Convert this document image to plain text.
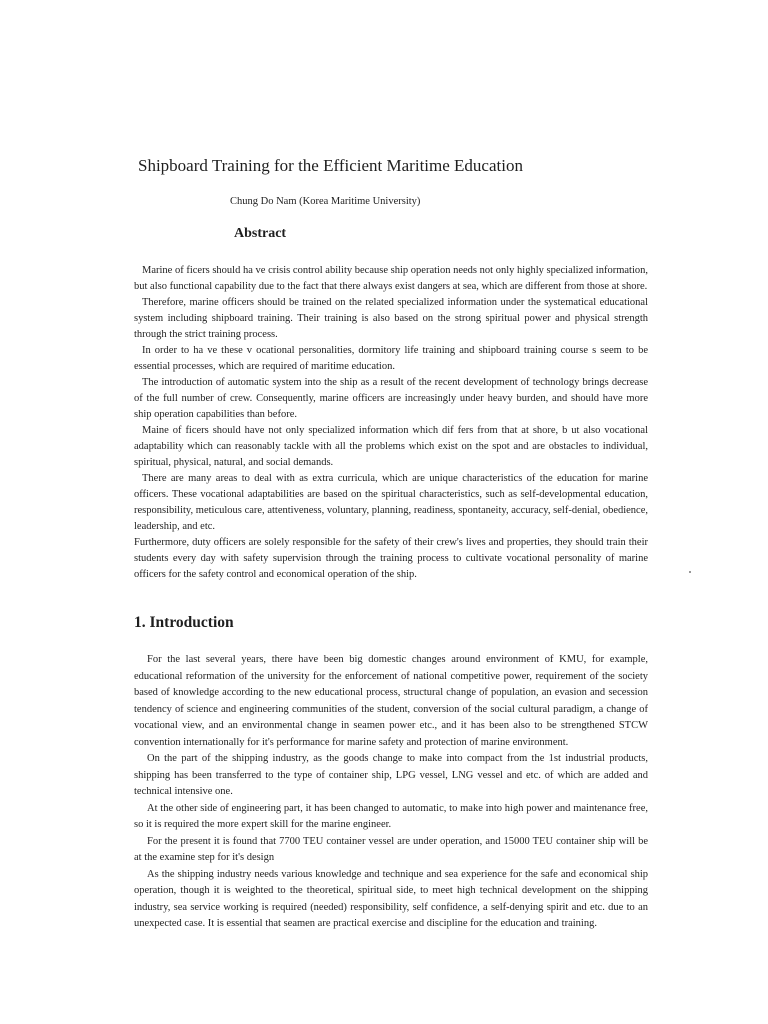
Shipboard Training for the Efficient Maritime Education
Chung Do Nam (Korea Maritime University)
Abstract

Marine of ficers should ha ve crisis control ability because ship operation needs not only highly specialized information, but also functional capability due to the fact that there always exist dangers at sea, which are different from those at shore.

Therefore, marine officers should be trained on the related specialized information under the systematical educational system including shipboard training. Their training is also based on the strong spiritual power and physical strength through the strict training process.

In order to ha ve these v ocational personalities, dormitory life training and shipboard training course s seem to be essential processes, which are required of maritime education.

The introduction of automatic system into the ship as a result of the recent development of technology brings decrease of the full number of crew. Consequently, marine officers are increasingly under heavy burden, and should have more ship operation capabilities than before.

Maine of ficers should have not only specialized information which dif fers from that at shore, b ut also vocational adaptability which can reasonably tackle with all the problems which exist on the spot and are obstacles to individual, spiritual, physical, natural, and social demands.

There are many areas to deal with as extra curricula, which are unique characteristics of the education for marine officers. These vocational adaptabilities are based on the spiritual characteristics, such as self-developmental education, responsibility, meticulous care, attentiveness, voluntary, planning, readiness, spontaneity, accuracy, self-denial, obedience, leadership, and etc.

Furthermore, duty officers are solely responsible for the safety of their crew's lives and properties, they should train their students every day with safety supervision through the training process to cultivate vocational personality of marine officers for the safety control and economical operation of the ship.

1. Introduction

For the last several years, there have been big domestic changes around environment of KMU, for example, educational reformation of the university for the enforcement of national competitive power, requirement of the society based of knowledge according to the new educational process, structural change of population, an evasion and secession tendency of science and engineering communities of the student, conversion of the social cultural paradigm, a change of vocational view, and an environmental change in seamen power etc., and it has been also to be strengthened STCW convention internationally for it's performance for marine safety and protection of marine environment.

On the part of the shipping industry, as the goods change to make into compact from the 1st industrial products, shipping has been transferred to the type of container ship, LPG vessel, LNG vessel and etc. of which are added and technical intensive one.

At the other side of engineering part, it has been changed to automatic, to make into high power and maintenance free, so it is required the more expert skill for the marine engineer.

For the present it is found that 7700 TEU container vessel are under operation, and 15000 TEU container ship will be at the examine step for it's design

As the shipping industry needs various knowledge and technique and sea experience for the safe and economical ship operation, though it is weighted to the theoretical, spiritual side, to meet high technical development on the shipping industry, sea service working is required (needed) responsibility, self confidence, a self-denying spirit and etc. due to an unexpected case. It is essential that seamen are practical exercise and discipline for the education and training.
